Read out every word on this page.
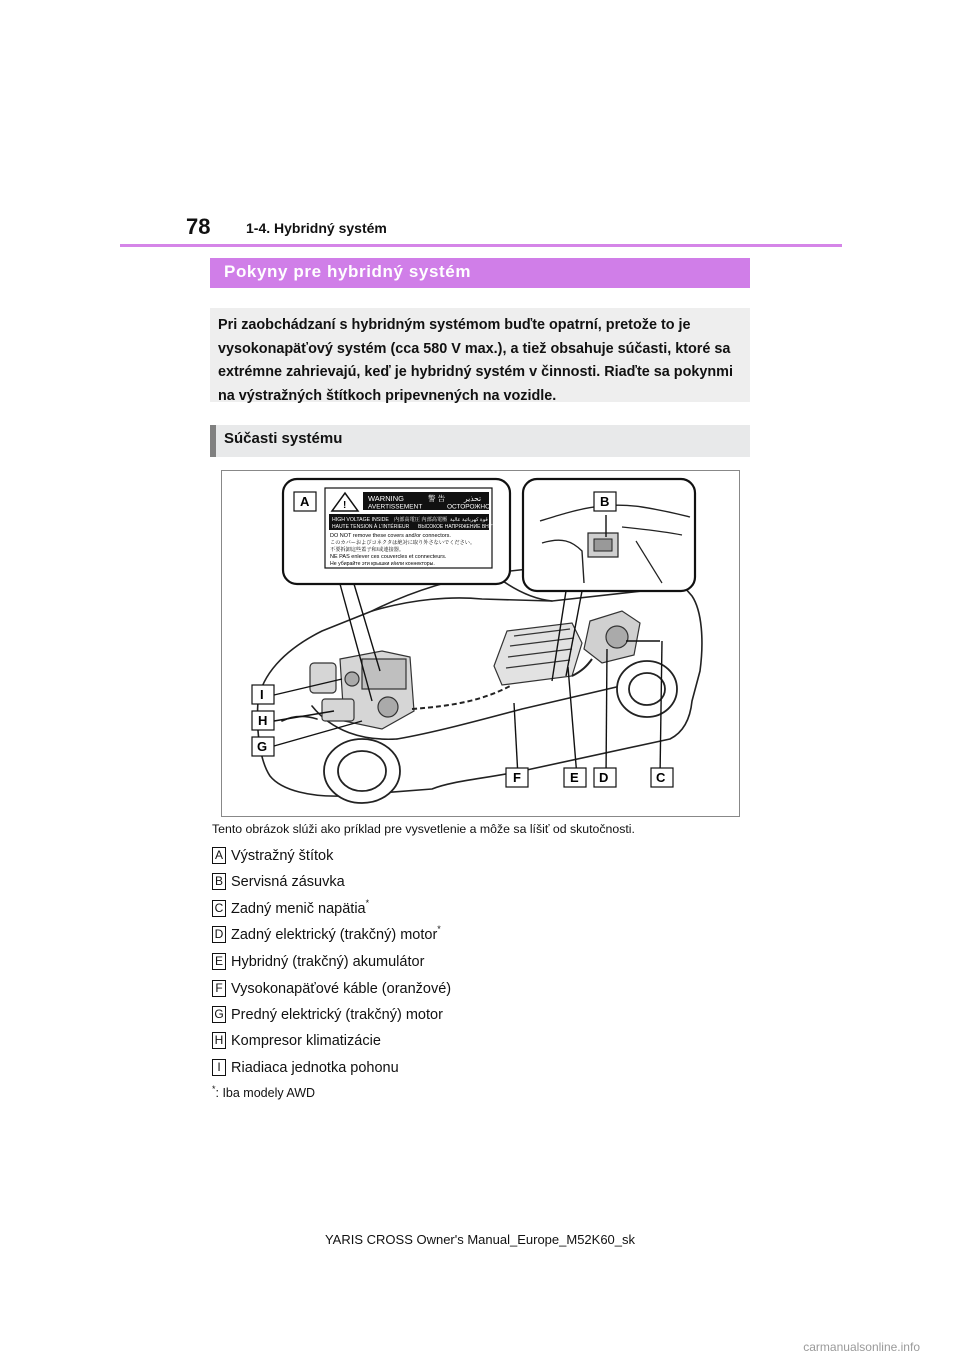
78	1-4. Hybridný systém
Pokyny pre hybridný systém
Pri zaobchádzaní s hybridným systémom buďte opatrní, pretože to je vysokonapäťový systém (cca 580 V max.), a tiež obsahuje súčasti, ktoré sa extrémne zahrievajú, keď je hybridný systém v činnosti. Riaďte sa pokynmi na výstražných štítkoch pripevnených na vozidle.
Súčasti systému
!
WARNING	警 告	تحذير
AVERTISSEMENT	ОСТОРОЖНО
HIGH VOLTAGE INSIDE 内部高電圧 內部高電壓 قوة كهربائية عالية
HAUTE TENSION À L'INTÉRIEUR ВЫСОКОЕ НАПРЯЖЕНИЕ ВНУТРИ
DO NOT remove these covers and/or connectors.
このカバーおよびコネクタは絶対に取り外さないでください。
不要拆卸這些蓋子和/或連接器。
NE PAS enlever ces couvercles et connecteurs.
Не убирайте эти крышки и/или коннекторы.
A	B
I
H
G
F	E D	C
Tento obrázok slúži ako príklad pre vysvetlenie a môže sa líšiť od skutočnosti.
A Výstražný štítok
B Servisná zásuvka
C Zadný menič napätia*
D Zadný elektrický (trakčný) motor*
E Hybridný (trakčný) akumulátor
F Vysokonapäťové káble (oranžové)
G Predný elektrický (trakčný) motor
H Kompresor klimatizácie
I Riadiaca jednotka pohonu
*: Iba modely AWD
YARIS CROSS Owner's Manual_Europe_M52K60_sk
carmanualsonline.info
